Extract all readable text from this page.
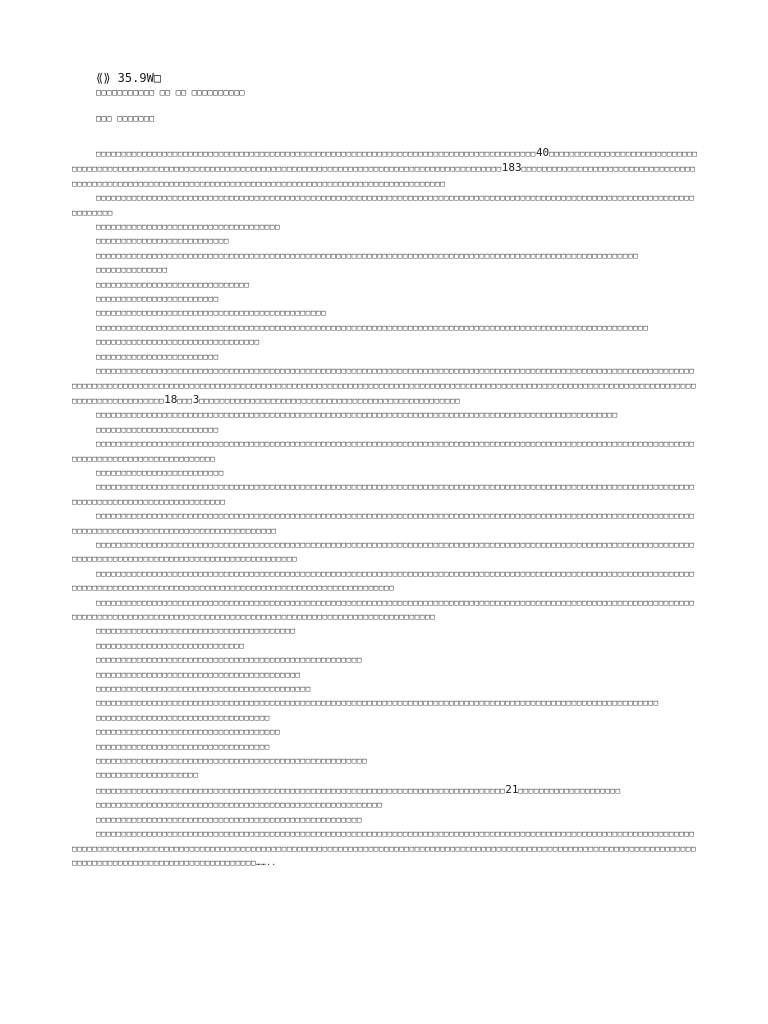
⟪⟫ 35.9W□
□□□□□□□□□□□ □□ □□ □□□□□□□□□□
□□□ □□□□□□□

□□□□□□□□□□□□□□□□□□□□□□□□□□□□□□□□□□□□□□□□□□□□□□□□□□□□□□□□□□□□□□□□□□□□□□□□□□□□□□□□□□□□□□40□□□□□□□□□□□□□□□□□□□□□□□□□□□□□□□□□□□□□□□□□□□□□□□□□□□□□□□□□□□□□□□□□□□□□□□□□□□□□□□□□□□□□□□□□□□□□□□□□□□□□□□□□□□□□□□□□183□□□□□□□□□□□□□□□□□□□□□□□□□□□□□□□□□□□□□□□□□□□□□□□□□□□□□□□□□□□□□□□□□□□□□□□□□□□□□□□□□□□□□□□□□□□□□□□□□□□□□□□□□□□

□□□□□□□□□□□□□□□□□□□□□□□□□□□□□□□□□□□□□□□□□□□□□□□□□□□□□□□□□□□□□□□□□□□□□□□□□□□□□□□□□□□□□□□□□□□□□□□□□□□□□□□□□□□□□□□□□□□□□□□□□□□□□

□□□□□□□□□□□□□□□□□□□□□□□□□□□□□□□□□□□□

□□□□□□□□□□□□□□□□□□□□□□□□□□

□□□□□□□□□□□□□□□□□□□□□□□□□□□□□□□□□□□□□□□□□□□□□□□□□□□□□□□□□□□□□□□□□□□□□□□□□□□□□□□□□□□□□□□□□□□□□□□□□□□□□□□□□□

□□□□□□□□□□□□□□

□□□□□□□□□□□□□□□□□□□□□□□□□□□□□□

□□□□□□□□□□□□□□□□□□□□□□□□

□□□□□□□□□□□□□□□□□□□□□□□□□□□□□□□□□□□□□□□□□□□□□

□□□□□□□□□□□□□□□□□□□□□□□□□□□□□□□□□□□□□□□□□□□□□□□□□□□□□□□□□□□□□□□□□□□□□□□□□□□□□□□□□□□□□□□□□□□□□□□□□□□□□□□□□□□□

□□□□□□□□□□□□□□□□□□□□□□□□□□□□□□□□

□□□□□□□□□□□□□□□□□□□□□□□□

□□□□□□□□□□□□□□□□□□□□□□□□□□□□□□□□□□□□□□□□□□□□□□□□□□□□□□□□□□□□□□□□□□□□□□□□□□□□□□□□□□□□□□□□□□□□□□□□□□□□□□□□□□□□□□□□□□□□□□□□□□□□□□□□□□□□□□□□□□□□□□□□□□□□□□□□□□□□□□□□□□□□□□□□□□□□□□□□□□□□□□□□□□□□□□□□□□□□□□□□□□□□□□□□□□□□□□□□□□□□□□□□□□□□□□□□□□□□□□□□□□□□□□□□□□□□□□□□□18□□□3□□□□□□□□□□□□□□□□□□□□□□□□□□□□□□□□□□□□□□□□□□□□□□□□□□□

□□□□□□□□□□□□□□□□□□□□□□□□□□□□□□□□□□□□□□□□□□□□□□□□□□□□□□□□□□□□□□□□□□□□□□□□□□□□□□□□□□□□□□□□□□□□□□□□□□□□□□

□□□□□□□□□□□□□□□□□□□□□□□□

□□□□□□□□□□□□□□□□□□□□□□□□□□□□□□□□□□□□□□□□□□□□□□□□□□□□□□□□□□□□□□□□□□□□□□□□□□□□□□□□□□□□□□□□□□□□□□□□□□□□□□□□□□□□□□□□□□□□□□□□□□□□□□□□□□□□□□□□□□□□□□□□□

□□□□□□□□□□□□□□□□□□□□□□□□□

□□□□□□□□□□□□□□□□□□□□□□□□□□□□□□□□□□□□□□□□□□□□□□□□□□□□□□□□□□□□□□□□□□□□□□□□□□□□□□□□□□□□□□□□□□□□□□□□□□□□□□□□□□□□□□□□□□□□□□□□□□□□□□□□□□□□□□□□□□□□□□□□□□□

□□□□□□□□□□□□□□□□□□□□□□□□□□□□□□□□□□□□□□□□□□□□□□□□□□□□□□□□□□□□□□□□□□□□□□□□□□□□□□□□□□□□□□□□□□□□□□□□□□□□□□□□□□□□□□□□□□□□□□□□□□□□□□□□□□□□□□□□□□□□□□□□□□□□□□□□□□□□□

□□□□□□□□□□□□□□□□□□□□□□□□□□□□□□□□□□□□□□□□□□□□□□□□□□□□□□□□□□□□□□□□□□□□□□□□□□□□□□□□□□□□□□□□□□□□□□□□□□□□□□□□□□□□□□□□□□□□□□□□□□□□□□□□□□□□□□□□□□□□□□□□□□□□□□□□□□□□□□□□□

□□□□□□□□□□□□□□□□□□□□□□□□□□□□□□□□□□□□□□□□□□□□□□□□□□□□□□□□□□□□□□□□□□□□□□□□□□□□□□□□□□□□□□□□□□□□□□□□□□□□□□□□□□□□□□□□□□□□□□□□□□□□□□□□□□□□□□□□□□□□□□□□□□□□□□□□□□□□□□□□□□□□□□□□□□□□□□□□□□□□

□□□□□□□□□□□□□□□□□□□□□□□□□□□□□□□□□□□□□□□□□□□□□□□□□□□□□□□□□□□□□□□□□□□□□□□□□□□□□□□□□□□□□□□□□□□□□□□□□□□□□□□□□□□□□□□□□□□□□□□□□□□□□□□□□□□□□□□□□□□□□□□□□□□□□□□□□□□□□□□□□□□□□□□□□□□□□□□□□□□□□□□□□□□□

□□□□□□□□□□□□□□□□□□□□□□□□□□□□□□□□□□□□□□□

□□□□□□□□□□□□□□□□□□□□□□□□□□□□□

□□□□□□□□□□□□□□□□□□□□□□□□□□□□□□□□□□□□□□□□□□□□□□□□□□□□

□□□□□□□□□□□□□□□□□□□□□□□□□□□□□□□□□□□□□□□□

□□□□□□□□□□□□□□□□□□□□□□□□□□□□□□□□□□□□□□□□□□

□□□□□□□□□□□□□□□□□□□□□□□□□□□□□□□□□□□□□□□□□□□□□□□□□□□□□□□□□□□□□□□□□□□□□□□□□□□□□□□□□□□□□□□□□□□□□□□□□□□□□□□□□□□□□□

□□□□□□□□□□□□□□□□□□□□□□□□□□□□□□□□□□

□□□□□□□□□□□□□□□□□□□□□□□□□□□□□□□□□□□□

□□□□□□□□□□□□□□□□□□□□□□□□□□□□□□□□□□

□□□□□□□□□□□□□□□□□□□□□□□□□□□□□□□□□□□□□□□□□□□□□□□□□□□□□

□□□□□□□□□□□□□□□□□□□□

□□□□□□□□□□□□□□□□□□□□□□□□□□□□□□□□□□□□□□□□□□□□□□□□□□□□□□□□□□□□□□□□□□□□□□□□□□□□□□□□21□□□□□□□□□□□□□□□□□□□□

□□□□□□□□□□□□□□□□□□□□□□□□□□□□□□□□□□□□□□□□□□□□□□□□□□□□□□□□

□□□□□□□□□□□□□□□□□□□□□□□□□□□□□□□□□□□□□□□□□□□□□□□□□□□□

□□□□□□□□□□□□□□□□□□□□□□□□□□□□□□□□□□□□□□□□□□□□□□□□□□□□□□□□□□□□□□□□□□□□□□□□□□□□□□□□□□□□□□□□□□□□□□□□□□□□□□□□□□□□□□□□□□□□□□□□□□□□□□□□□□□□□□□□□□□□□□□□□□□□□□□□□□□□□□□□□□□□□□□□□□□□□□□□□□□□□□□□□□□□□□□□□□□□□□□□□□□□□□□□□□□□□□□□□□□□□□□□□□□□□□□□□□□□□□□□□□□□□□□□□□□□□□□□□□□□□□□□□□□□□□□□□□□……..
